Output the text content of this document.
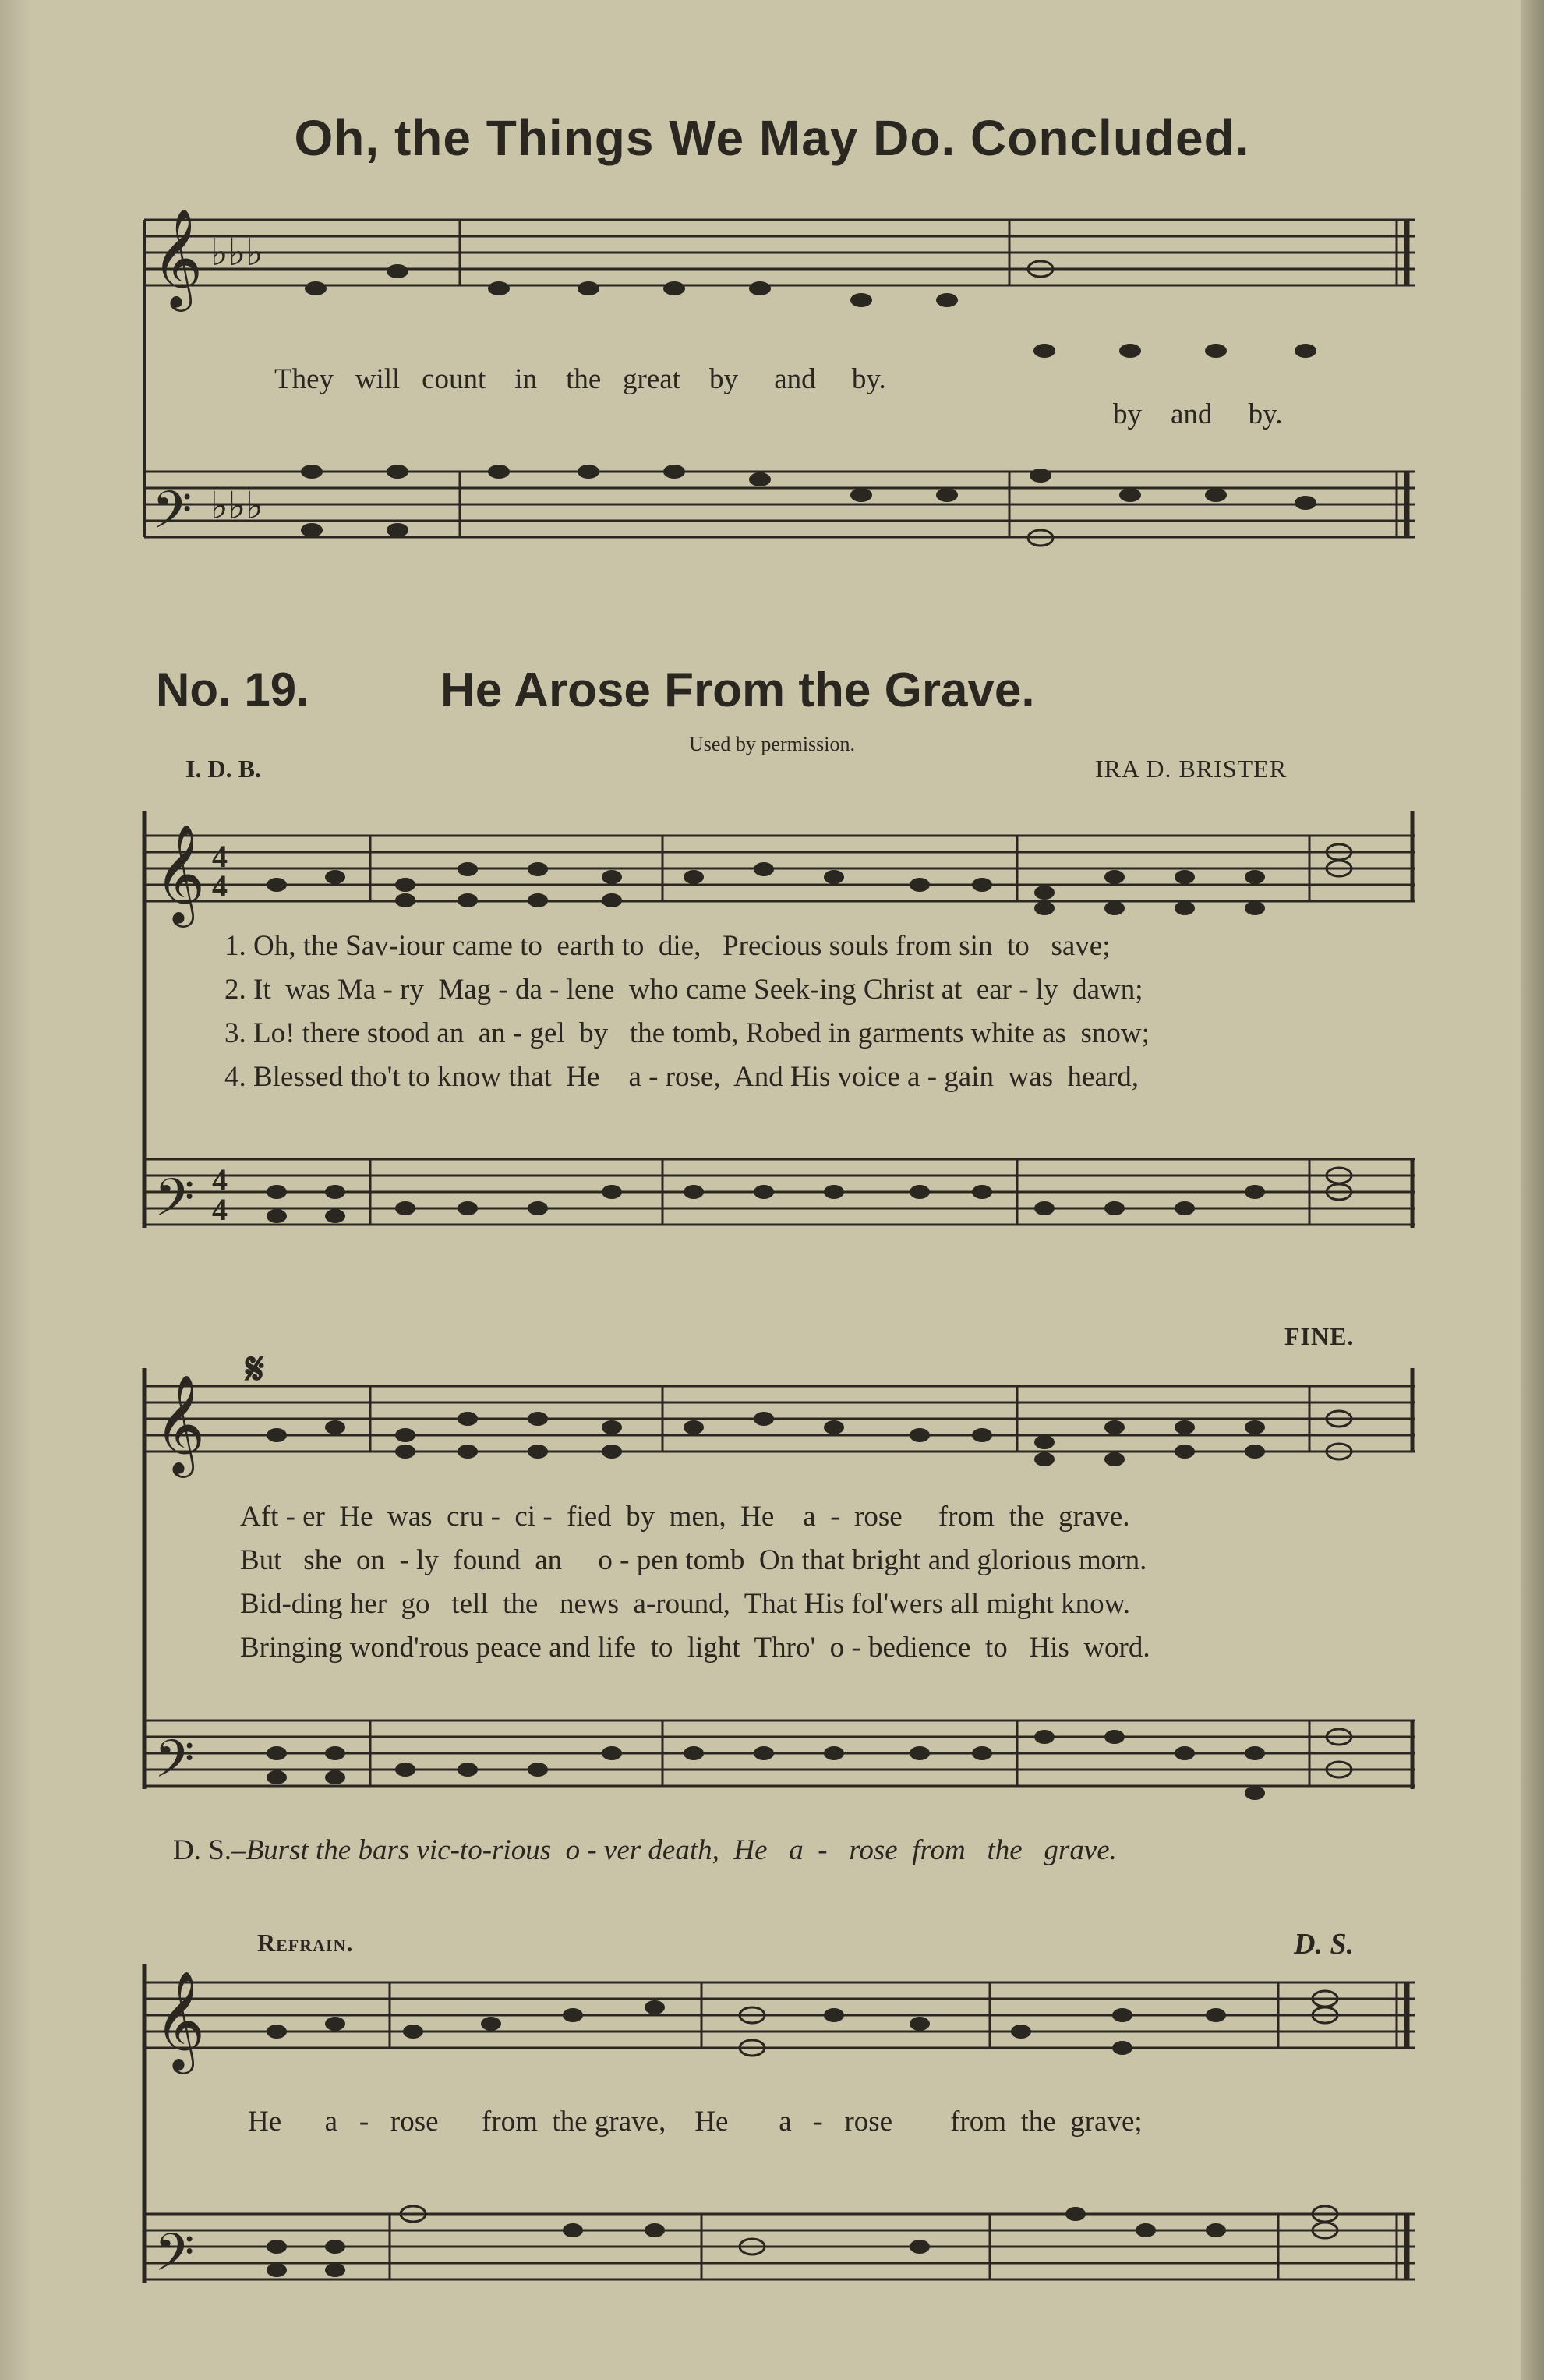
Oh, the Things We May Do. Concluded.
𝄞
𝄢
♭♭♭
♭♭♭
They   will   count    in    the   great    by     and     by.
by    and     by.
No. 19.	He Arose From the Grave.
Used by permission.
I. D. B.	IRA D. BRISTER
𝄞
𝄢
4
4
4
4
1. Oh, the Sav-iour came to  earth to  die,   Precious souls from sin  to   save;
2. It  was Ma - ry  Mag - da - lene  who came Seek-ing Christ at  ear - ly  dawn;
3. Lo! there stood an  an - gel  by   the tomb, Robed in garments white as  snow;
4. Blessed tho't to know that  He    a - rose,  And His voice a - gain  was  heard,
FINE.
𝄞
𝄢
𝄋
Aft - er  He  was  cru -  ci -  fied  by  men,  He    a  -  rose     from  the  grave.
But   she  on  - ly  found  an     o - pen tomb  On that bright and glorious morn.
Bid-ding her  go   tell  the   news  a-round,  That His fol'wers all might know.
Bringing wond'rous peace and life  to  light  Thro'  o - bedience  to   His  word.
D. S.–Burst the bars vic-to-rious  o - ver death,  He   a  -   rose  from   the   grave.
Refrain.	D. S.
𝄞
𝄢
He      a   -   rose      from  the grave,    He       a   -   rose        from  the  grave;
